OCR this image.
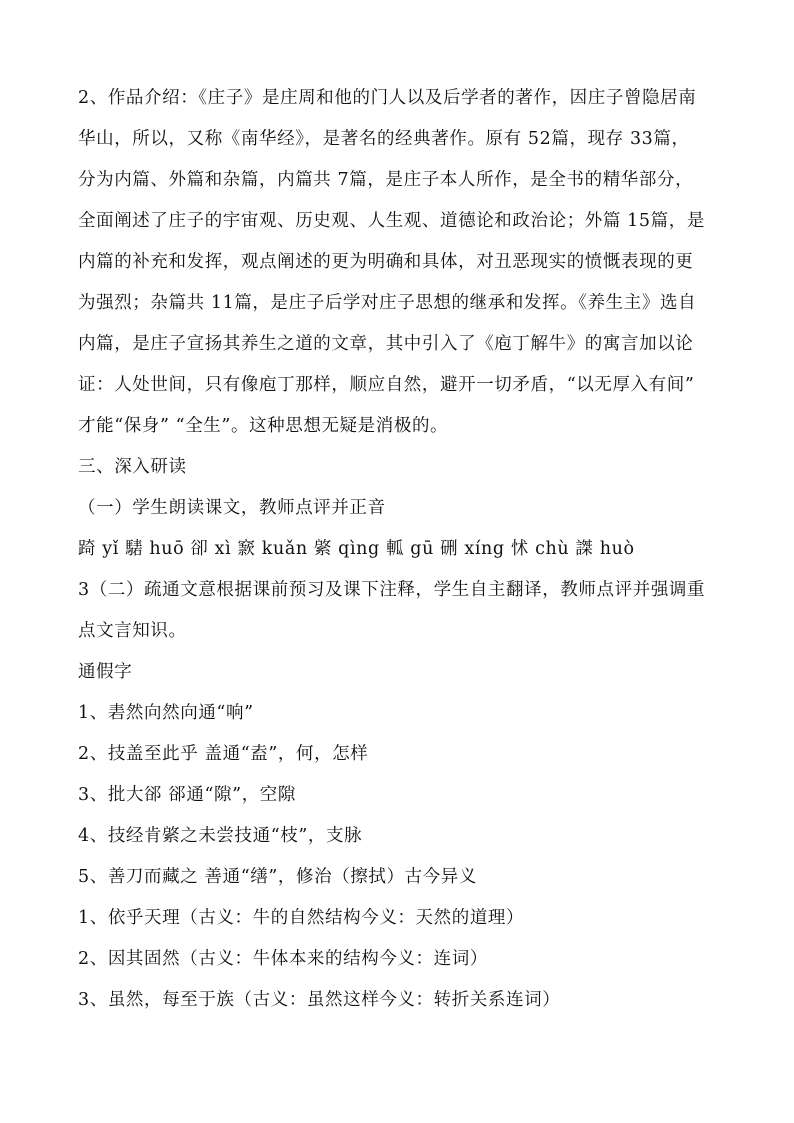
2、作品介绍：《庄子》是庄周和他的门人以及后学者的著作，因庄子曾隐居南
华山，所以，又称《南华经》，是著名的经典著作。原有 52篇，现存 33篇，
分为内篇、外篇和杂篇，内篇共 7篇，是庄子本人所作，是全书的精华部分，
全面阐述了庄子的宇宙观、历史观、人生观、道德论和政治论；外篇 15篇，是
内篇的补充和发挥，观点阐述的更为明确和具体，对丑恶现实的愤慨表现的更
为强烈；杂篇共 11篇，是庄子后学对庄子思想的继承和发挥。《养生主》选自
内篇，是庄子宣扬其养生之道的文章，其中引入了《庖丁解牛》的寓言加以论
证：人处世间，只有像庖丁那样，顺应自然，避开一切矛盾，“以无厚入有间”
才能“保身” “全生”。这种思想无疑是消极的。
三、深入研读
（一）学生朗读课文，教师点评并正音
踦 yǐ 騞 huō 卻 xì 窾 kuǎn 綮 qìng 軱 gū 硎 xíng 怵 chù 謋 huò
3（二）疏通文意根据课前预习及课下注释，学生自主翻译，教师点评并强调重
点文言知识。
通假字
1、砉然向然向通“响”
2、技盖至此乎 盖通“盍”，何，怎样
3、批大郤 郤通“隙”，空隙
4、技经肯綮之未尝技通“枝”，支脉
5、善刀而藏之 善通“缮”，修治（擦拭）古今异义
1、依乎天理（古义：牛的自然结构今义：天然的道理）
2、因其固然（古义：牛体本来的结构今义：连词）
3、虽然，每至于族（古义：虽然这样今义：转折关系连词）
